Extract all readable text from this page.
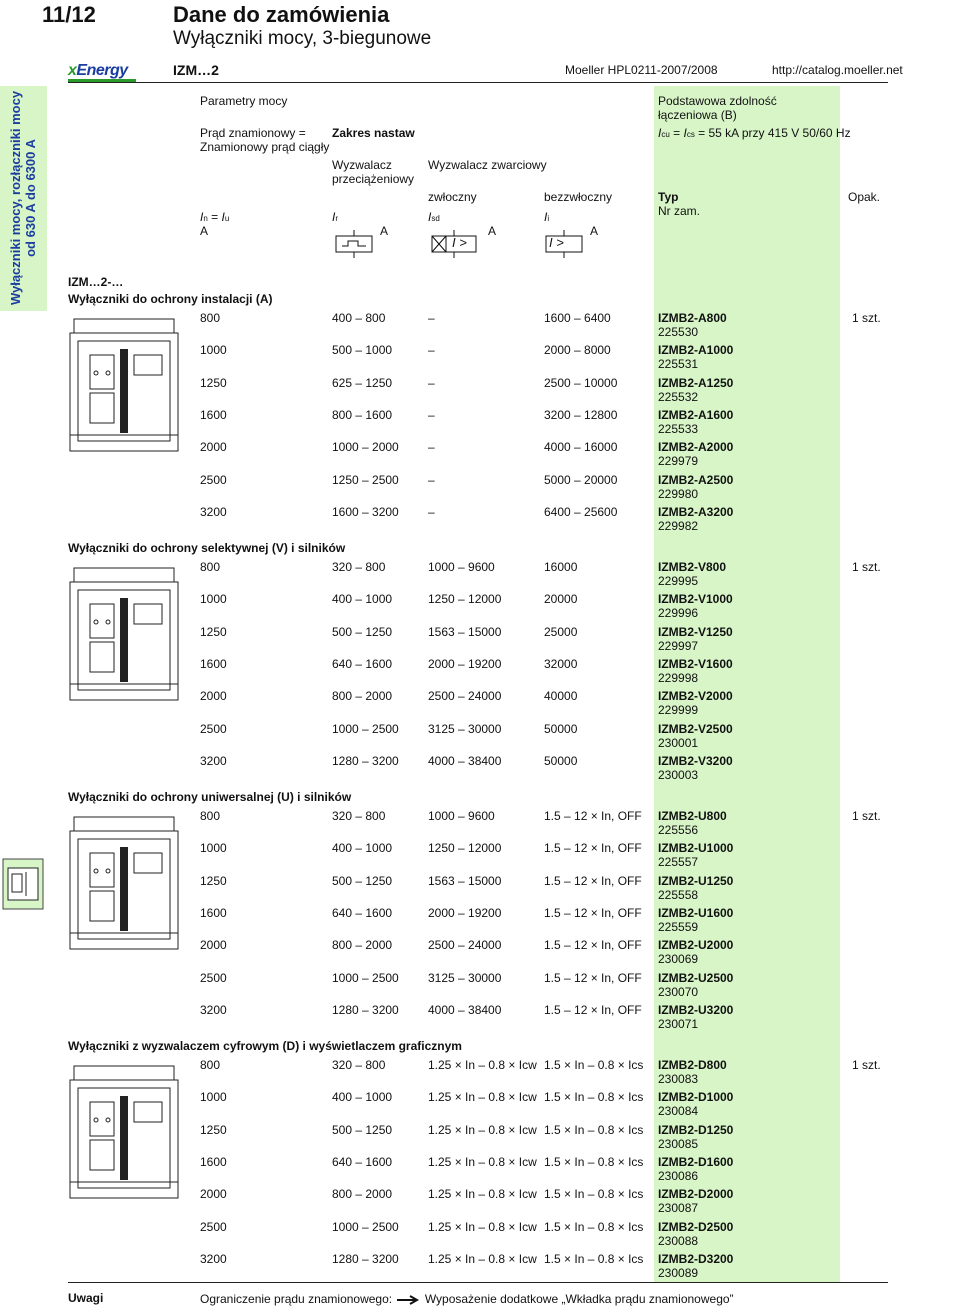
Wyłączniki mocy, rozłączniki mocy od 630 A do 6300 A
11/12	Dane do zamówienia
Wyłączniki mocy, 3-biegunowe
xEnergy	IZM…2	Moeller HPL0211-2007/2008	http://catalog.moeller.net
Parametry mocy
Prąd znamionowy =
Znamionowy prąd ciągły
Zakres nastaw
Wyzwalacz
przeciążeniowy
Wyzwalacz zwarciowy
zwłoczny	bezzwłoczny
In = Iu
A
Ir
A
Isd
A
Ii
A
I >	I >
Podstawowa zdolność
łączeniowa (B)
Icu = Ics = 55 kA przy 415 V 50/60 Hz
Typ
Nr zam.
Opak.
IZM…2-…
Wyłączniki do ochrony instalacji (A)
1 szt.
800	400 – 800	–	1600 – 6400	IZMB2-A800
225530
1000	500 – 1000	–	2000 – 8000	IZMB2-A1000
225531
1250	625 – 1250	–	2500 – 10000	IZMB2-A1250
225532
1600	800 – 1600	–	3200 – 12800	IZMB2-A1600
225533
2000	1000 – 2000 –	4000 – 16000	IZMB2-A2000
229979
2500	1250 – 2500 –	5000 – 20000	IZMB2-A2500
229980
3200	1600 – 3200 –	6400 – 25600	IZMB2-A3200
229982
Wyłączniki do ochrony selektywnej (V) i silników
1 szt.
800	320 – 800	1000 – 9600	16000	IZMB2-V800
229995
1000	400 – 1000	1250 – 12000	20000	IZMB2-V1000
229996
1250	500 – 1250	1563 – 15000	25000	IZMB2-V1250
229997
1600	640 – 1600	2000 – 19200	32000	IZMB2-V1600
229998
2000	800 – 2000	2500 – 24000	40000	IZMB2-V2000
229999
2500	1000 – 2500 3125 – 30000	50000	IZMB2-V2500
230001
3200	1280 – 3200 4000 – 38400	50000	IZMB2-V3200
230003
Wyłączniki do ochrony uniwersalnej (U) i silników
1 szt.
800	320 – 800	1000 – 9600	1.5 – 12 × In, OFF IZMB2-U800
225556
1000	400 – 1000	1250 – 12000	1.5 – 12 × In, OFF IZMB2-U1000
225557
1250	500 – 1250	1563 – 15000	1.5 – 12 × In, OFF IZMB2-U1250
225558
1600	640 – 1600	2000 – 19200	1.5 – 12 × In, OFF IZMB2-U1600
225559
2000	800 – 2000	2500 – 24000	1.5 – 12 × In, OFF IZMB2-U2000
230069
2500	1000 – 2500 3125 – 30000	1.5 – 12 × In, OFF IZMB2-U2500
230070
3200	1280 – 3200 4000 – 38400	1.5 – 12 × In, OFF IZMB2-U3200
230071
Wyłączniki z wyzwalaczem cyfrowym (D) i wyświetlaczem graficznym
1 szt.
800	320 – 800	1.25 × In – 0.8 × Icw 1.5 × In – 0.8 × Ics IZMB2-D800
230083
1000	400 – 1000	1.25 × In – 0.8 × Icw 1.5 × In – 0.8 × Ics IZMB2-D1000
230084
1250	500 – 1250	1.25 × In – 0.8 × Icw 1.5 × In – 0.8 × Ics IZMB2-D1250
230085
1600	640 – 1600	1.25 × In – 0.8 × Icw 1.5 × In – 0.8 × Ics IZMB2-D1600
230086
2000	800 – 2000	1.25 × In – 0.8 × Icw 1.5 × In – 0.8 × Ics IZMB2-D2000
230087
2500	1000 – 2500 1.25 × In – 0.8 × Icw 1.5 × In – 0.8 × Ics IZMB2-D2500
230088
3200	1280 – 3200 1.25 × In – 0.8 × Icw 1.5 × In – 0.8 × Ics IZMB2-D3200
230089
Uwagi	Ograniczenie prądu znamionowego:	Wyposażenie dodatkowe „Wkładka prądu znamionowego”
